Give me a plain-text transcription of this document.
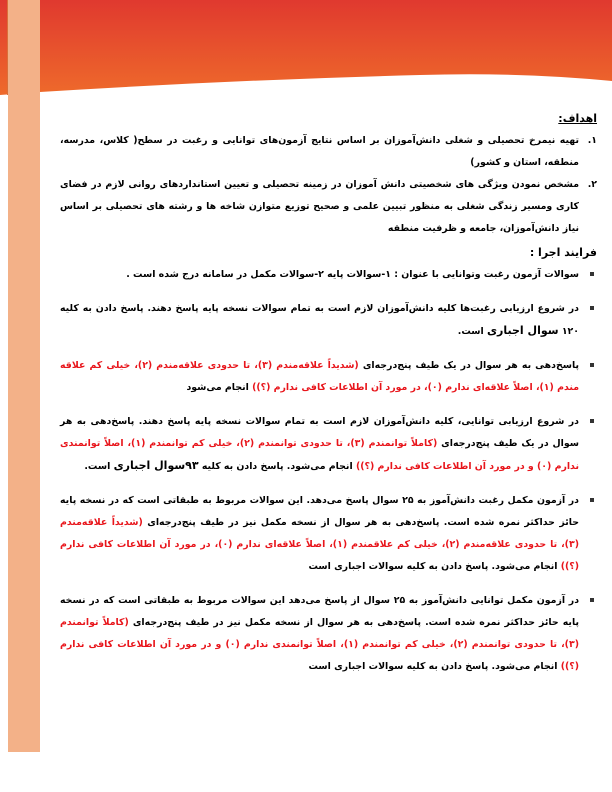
اهداف:
۱.
تهیه نیمرخ تحصیلی و شغلی دانش‌آموزان بر اساس نتایج آزمون‌های توانایی و رغبت در سطح( کلاس، مدرسه، منطقه، استان و کشور)
۲.
مشخص نمودن ویژگی های شخصیتی دانش آموزان در زمینه تحصیلی و تعیین استانداردهای روانی لازم در فضای کاری ومسیر زندگی شغلی به منظور تبیین علمی و صحیح توزیع متوازن شاخه ها و رشته های تحصیلی بر اساس نیاز دانش‌آموزان، جامعه و ظرفیت منطقه
فرایند اجرا :
سوالات آزمون رغبت وتوانایی با عنوان : ۱-سوالات پایه ۲-سوالات مکمل در سامانه درج شده است .
در شروع ارزیابی رغبت‌ها کلیه دانش‌آموزان لازم است به تمام سوالات نسخه پایه پاسخ دهند. پاسخ دادن به کلیه ۱۲۰ سوال اجباری است.
پاسخ‌دهی به هر سوال در یک طیف پنج‌درجه‌ای (شدیداً علاقه‌مندم (۳)، تا حدودی علاقه‌مندم (۲)، خیلی کم علاقه مندم (۱)، اصلاً علاقه‌ای ندارم (۰)، در مورد آن اطلاعات کافی ندارم (؟)) انجام می‌شود
در شروع ارزیابی توانایی، کلیه دانش‌آموزان لازم است به تمام سوالات نسخه پایه پاسخ دهند. پاسخ‌دهی به هر سوال در یک طیف پنج‌درجه‌ای (کاملاً توانمندم (۳)، تا حدودی توانمندم (۲)، خیلی کم توانمندم (۱)، اصلاً توانمندی ندارم (۰) و در مورد آن اطلاعات کافی ندارم (؟)) انجام می‌شود. پاسخ دادن به کلیه ۹۳سوال اجباری است.
در آزمون مکمل رغبت دانش‌آموز به ۲۵ سوال پاسخ می‌دهد. این سوالات مربوط به طبقاتی است که در نسخه پایه حائز حداکثر نمره شده است. پاسخ‌دهی به هر سوال از نسخه مکمل نیز در طیف پنج‌درجه‌ای (شدیداً علاقه‌مندم (۳)، تا حدودی علاقه‌مندم (۲)، خیلی کم علاقمندم (۱)، اصلاً علاقه‌ای ندارم (۰)، در مورد آن اطلاعات کافی ندارم (؟)) انجام می‌شود. پاسخ دادن به کلیه سوالات اجباری است
در آزمون مکمل توانایی دانش‌آموز به ۲۵ سوال از پاسخ می‌دهد این سوالات مربوط به طبقاتی است که در نسخه پایه حائز حداکثر نمره شده است. پاسخ‌دهی به هر سوال از نسخه مکمل نیز در طیف پنج‌درجه‌ای (کاملاً توانمندم (۳)، تا حدودی توانمندم (۲)، خیلی کم توانمندم (۱)، اصلاً توانمندی ندارم (۰) و در مورد آن اطلاعات کافی ندارم (؟)) انجام می‌شود. پاسخ دادن به کلیه سوالات اجباری است
